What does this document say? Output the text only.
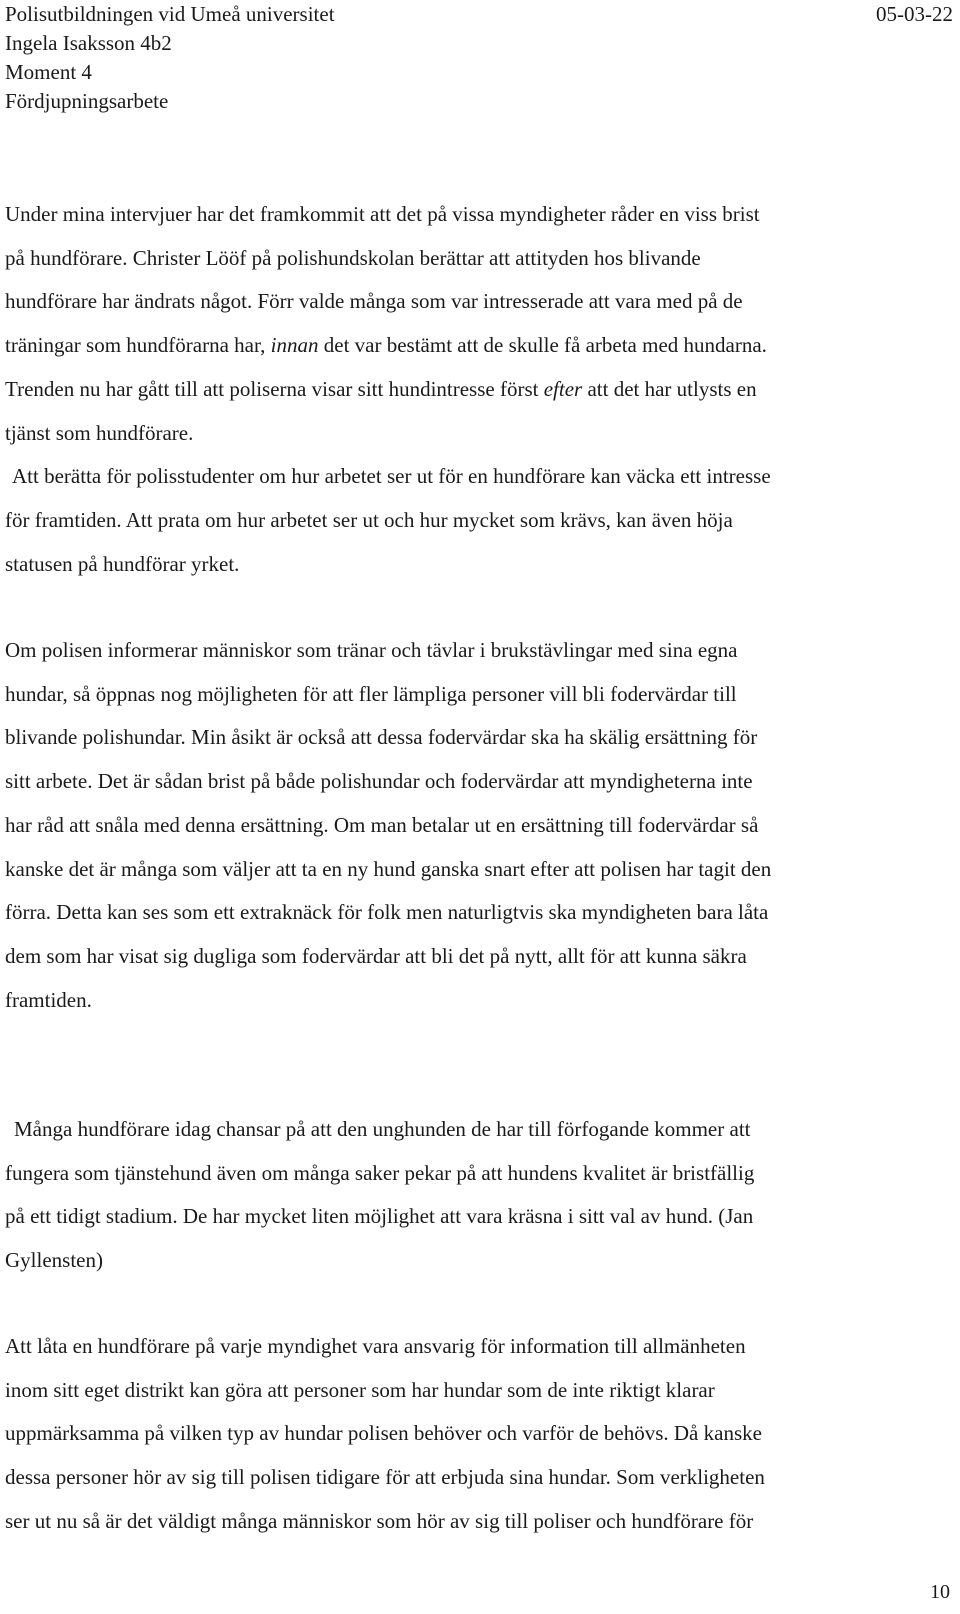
Polisutbildningen vid Umeå universitet	05-03-22
Ingela Isaksson 4b2
Moment 4
Fördjupningsarbete

Under mina intervjuer har det framkommit att det på vissa myndigheter råder en viss brist
på hundförare. Christer Lööf på polishundskolan berättar att attityden hos blivande
hundförare har ändrats något. Förr valde många som var intresserade att vara med på de
träningar som hundförarna har, innan det var bestämt att de skulle få arbeta med hundarna.
Trenden nu har gått till att poliserna visar sitt hundintresse först efter att det har utlysts en
tjänst som hundförare.
Att berätta för polisstudenter om hur arbetet ser ut för en hundförare kan väcka ett intresse
för framtiden. Att prata om hur arbetet ser ut och hur mycket som krävs, kan även höja
statusen på hundförar yrket.

Om polisen informerar människor som tränar och tävlar i brukstävlingar med sina egna
hundar, så öppnas nog möjligheten för att fler lämpliga personer vill bli fodervärdar till
blivande polishundar. Min åsikt är också att dessa fodervärdar ska ha skälig ersättning för
sitt arbete. Det är sådan brist på både polishundar och fodervärdar att myndigheterna inte
har råd att snåla med denna ersättning. Om man betalar ut en ersättning till fodervärdar så
kanske det är många som väljer att ta en ny hund ganska snart efter att polisen har tagit den
förra. Detta kan ses som ett extraknäck för folk men naturligtvis ska myndigheten bara låta
dem som har visat sig dugliga som fodervärdar att bli det på nytt, allt för att kunna säkra
framtiden.

Många hundförare idag chansar på att den unghunden de har till förfogande kommer att
fungera som tjänstehund även om många saker pekar på att hundens kvalitet är bristfällig
på ett tidigt stadium. De har mycket liten möjlighet att vara kräsna i sitt val av hund. (Jan
Gyllensten)

Att låta en hundförare på varje myndighet vara ansvarig för information till allmänheten
inom sitt eget distrikt kan göra att personer som har hundar som de inte riktigt klarar
uppmärksamma på vilken typ av hundar polisen behöver och varför de behövs. Då kanske
dessa personer hör av sig till polisen tidigare för att erbjuda sina hundar. Som verkligheten
ser ut nu så är det väldigt många människor som hör av sig till poliser och hundförare för

10
